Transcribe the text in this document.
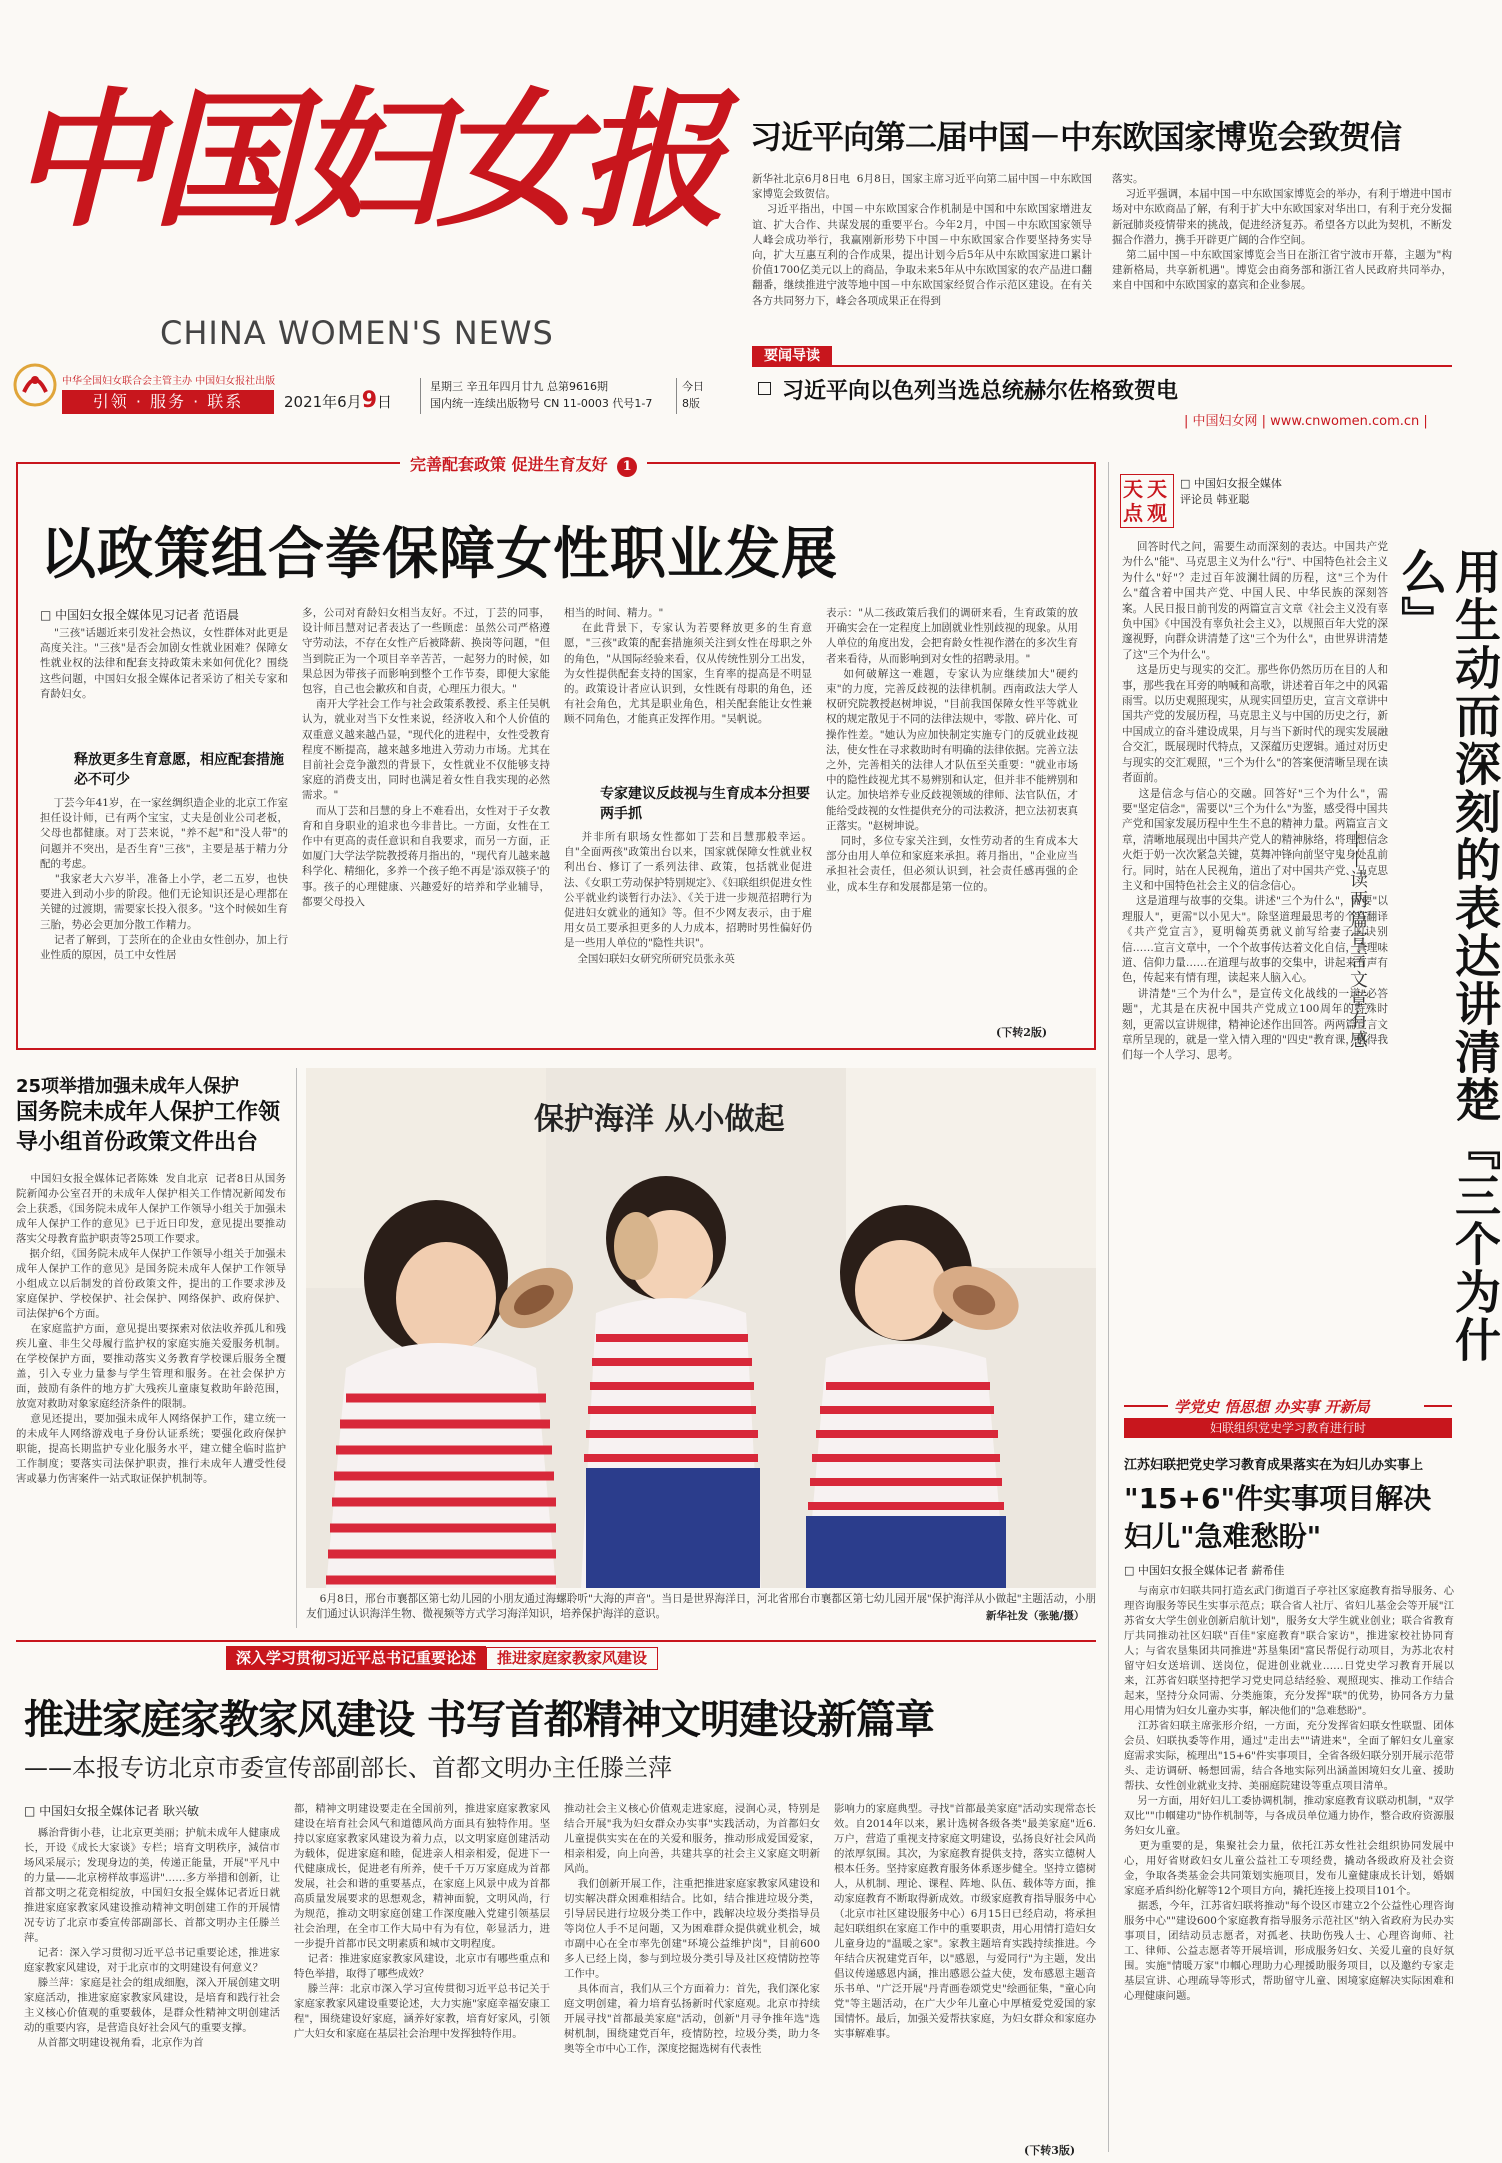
中国妇女报
CHINA WOMEN'S NEWS
中华全国妇女联合会主管主办 中国妇女报社出版
引领 · 服务 · 联系	2021年6月9日
星期三 辛丑年四月廿九 总第9616期
国内统一连续出版物号 CN 11-0003 代号1-7
今日
8版
习近平向第二届中国－中东欧国家博览会致贺信
新华社北京6月8日电  6月8日，国家主席习近平向第二届中国－中东欧国家博览会致贺信。
习近平指出，中国－中东欧国家合作机制是中国和中东欧国家增进友谊、扩大合作、共谋发展的重要平台。今年2月，中国－中东欧国家领导人峰会成功举行，我赢刚新形势下中国－中东欧国家合作要坚持务实导向，扩大互惠互利的合作成果，提出计划今后5年从中东欧国家进口累计价值1700亿美元以上的商品，争取未来5年从中东欧国家的农产品进口翻翻番，继续推进宁波等地中国－中东欧国家经贸合作示范区建设。在有关各方共同努力下，峰会各项成果正在得到
落实。
习近平强调，本届中国－中东欧国家博览会的举办，有利于增进中国市场对中东欧商品了解，有利于扩大中东欧国家对华出口，有利于充分发掘新冠肺炎疫情带来的挑战，促进经济复苏。希望各方以此为契机，不断发掘合作潜力，携手开辟更广阔的合作空间。
第二届中国－中东欧国家博览会当日在浙江省宁波市开幕，主题为"构建新格局，共享新机遇"。博览会由商务部和浙江省人民政府共同举办，来自中国和中东欧国家的嘉宾和企业参展。
要闻导读
习近平向以色列当选总统赫尔佐格致贺电
| 中国妇女网 | www.cnwomen.com.cn |
完善配套政策 促进生育友好 1
以政策组合拳保障女性职业发展
□ 中国妇女报全媒体见习记者 范语晨
"三孩"话题近来引发社会热议，女性群体对此更是高度关注。"三孩"是否会加剧女性就业困难？保障女性就业权的法律和配套支持政策未来如何优化？围绕这些问题，中国妇女报全媒体记者采访了相关专家和育龄妇女。
释放更多生育意愿，相应配套措施必不可少
丁芸今年41岁，在一家丝绸织造企业的北京工作室担任设计师，已有两个宝宝，丈夫是创业公司老板，父母也都健康。对丁芸来说，"养不起"和"没人带"的问题并不突出，是否生育"三孩"，主要是基于精力分配的考虑。
"我家老大六岁半，准备上小学，老二五岁，也快要进入到动小步的阶段。他们无论知识还是心理都在关键的过渡期，需要家长投入很多。"这个时候如生育三胎，势必会更加分散工作精力。
记者了解到，丁芸所在的企业由女性创办，加上行业性质的原因，员工中女性居
多，公司对育龄妇女相当友好。不过，丁芸的同事，设计师吕慧对记者表达了一些顾虑：虽然公司严格遵守劳动法，不存在女性产后被降薪、换岗等问题，"但当到院正为一个项目辛辛苦苦，一起努力的时候，如果总因为带孩子而影响到整个工作节奏，即便大家能包容，自己也会歉疚和自责，心理压力很大。"
南开大学社会工作与社会政策系教授、系主任吴帆认为，就业对当下女性来说，经济收入和个人价值的双重意义越来越凸显，"现代化的进程中，女性受教育程度不断提高，越来越多地进入劳动力市场。尤其在目前社会竞争激烈的背景下，女性就业不仅能够支持家庭的消费支出，同时也满足着女性自我实现的必然需求。"
而从丁芸和吕慧的身上不难看出，女性对于子女教育和自身职业的追求也今非昔比。一方面，女性在工作中有更高的责任意识和自我要求，而另一方面，正如厦门大学法学院教授蒋月指出的，"现代育儿越来越科学化、精细化，多养一个孩子绝不再是'添双筷子'的事。孩子的心理健康、兴趣爱好的培养和学业辅导，都要父母投入
相当的时间、精力。"
在此背景下，专家认为若要释放更多的生育意愿，"三孩"政策的配套措施须关注到女性在母职之外的角色，"从国际经验来看，仅从传统性别分工出发，为女性提供配套支持的国家，生育率的提高是不明显的。政策设计者应认识到，女性既有母职的角色，还有社会角色，尤其是职业角色，相关配套能让女性兼顾不同角色，才能真正发挥作用。"吴帆说。
专家建议反歧视与生育成本分担要两手抓
并非所有职场女性都如丁芸和吕慧那般幸运。自"全面两孩"政策出台以来，国家就保障女性就业权利出台、修订了一系列法律、政策，包括就业促进法、《女职工劳动保护特别规定》、《妇联组织促进女性公平就业约谈暂行办法》、《关于进一步规范招聘行为促进妇女就业的通知》等。但不少网友表示，由于雇用女员工要承担更多的人力成本，招聘时男性偏好仍是一些用人单位的"隐性共识"。
全国妇联妇女研究所研究员张永英
表示："从二孩政策后我们的调研来看，生育政策的放开确实会在一定程度上加剧就业性别歧视的现象。从用人单位的角度出发，会把育龄女性视作潜在的多次生育者来看待，从而影响到对女性的招聘录用。"
如何破解这一难题，专家认为应继续加大"硬约束"的力度，完善反歧视的法律机制。西南政法大学人权研究院教授赵树坤说，"目前我国保障女性平等就业权的规定散见于不同的法律法规中，零散、碎片化、可操作性差。"她认为应加快制定实施专门的反就业歧视法，使女性在寻求救助时有明确的法律依据。完善立法之外，完善相关的法律人才队伍至关重要："就业市场中的隐性歧视尤其不易辨别和认定，但并非不能辨别和认定。加快培养专业反歧视领域的律师、法官队伍，才能给受歧视的女性提供充分的司法救济，把立法初衷真正落实。"赵树坤说。
同时，多位专家关注到，女性劳动者的生育成本大部分由用人单位和家庭来承担。蒋月指出，"企业应当承担社会责任，但必须认识到，社会责任感再强的企业，成本生存和发展都是第一位的。
(下转2版)
天天点观
□ 中国妇女报全媒体
评论员 韩亚聪
回答时代之问，需要生动而深刻的表达。中国共产党为什么"能"、马克思主义为什么"行"、中国特色社会主义为什么"好"？走过百年波澜壮阔的历程，这"三个为什么"蕴含着中国共产党、中国人民、中华民族的深刻答案。人民日报日前刊发的两篇宣言文章《社会主义没有辜负中国》《中国没有辜负社会主义》，以规照百年大党的深邃视野，向群众讲清楚了这"三个为什么"，由世界讲清楚了这"三个为什么"。
这是历史与现实的交汇。那些你仍然历历在目的人和事，那些我在耳旁的呐喊和高歌，讲述着百年之中的风霜雨雪。以历史观照现实，从现实回望历史，宣言文章讲中国共产党的发展历程，马克思主义与中国的历史之行，新中国成立的奋斗建设成果，月与当下新时代的现实发展融合交汇，既展现时代特点，又深蕴历史逻辑。通过对历史与现实的交汇观照，"三个为什么"的答案便清晰呈现在读者面前。
这是信念与信心的交融。回答好"三个为什么"，需要"坚定信念"，需要以"三个为什么"为鉴，感受得中国共产党和国家发展历程中生生不息的精神力量。两篇宣言文章，清晰地展现出中国共产党人的精神脉络，将理想信念火炬于奶一次次紧急关键，莫舞冲锋向前坚守鬼身处乱前行。同时，站在人民视角，道出了对中国共产党、马克思主义和中国特色社会主义的信念信心。
这是道理与故事的交集。讲述"三个为什么"，需要"以理服人"，更需"以小见大"。除坚道理最思考的个月翻译《共产党宣言》，夏明翰英勇就义前写给妻子的诀别信……宣言文章中，一个个故事传达着文化自信，真理味道、信仰力量……在道理与故事的交集中，讲起来有声有色，传起来有情有理，读起来人脑入心。
讲清楚"三个为什么"，是宣传文化战线的一道"必答题"，尤其是在庆祝中国共产党成立100周年的特殊时刻，更需以宣讲规律，精神论述作出回答。两两篇宣言文章所呈现的，就是一堂入情入理的"四史"教育课，值得我们每一个人学习、思考。	用生动而深刻的表达讲清楚『三个为什么』
——读两篇宣言文章有感
25项举措加强未成年人保护
国务院未成年人保护工作领导小组首份政策文件出台
中国妇女报全媒体记者陈姝  发自北京  记者8日从国务院新闻办公室召开的未成年人保护相关工作情况新闻发布会上获悉，《国务院未成年人保护工作领导小组关于加强未成年人保护工作的意见》已于近日印发，意见提出要推动落实父母教育监护职责等25项工作要求。
据介绍，《国务院未成年人保护工作领导小组关于加强未成年人保护工作的意见》是国务院未成年人保护工作领导小组成立以后制发的首份政策文件，提出的工作要求涉及家庭保护、学校保护、社会保护、网络保护、政府保护、司法保护6个方面。
在家庭监护方面，意见提出要探索对依法收养孤儿和残疾儿童、非生父母履行监护权的家庭实施关爱服务机制。在学校保护方面，要推动落实义务教育学校课后服务全覆盖，引入专业力量参与学生管理和服务。在社会保护方面，鼓励有条件的地方扩大残疾儿童康复救助年龄范围，放宽对救助对象家庭经济条件的限制。
意见还提出，要加强未成年人网络保护工作，建立统一的未成年人网络游戏电子身份认证系统；要强化政府保护职能，提高长期监护专业化服务水平，建立健全临时监护工作制度；要落实司法保护职责，推行未成年人遭受性侵害或暴力伤害案件一站式取证保护机制等。
保护海洋 从小做起
6月8日，邢台市襄都区第七幼儿园的小朋友通过海螺聆听"大海的声音"。当日是世界海洋日，河北省邢台市襄都区第七幼儿园开展"保护海洋从小做起"主题活动，小朋友们通过认识海洋生物、微视频等方式学习海洋知识，培养保护海洋的意识。	新华社发（张驰/摄）
学党史 悟思想 办实事 开新局
妇联组织党史学习教育进行时
江苏妇联把党史学习教育成果落实在为妇儿办实事上
"15+6"件实事项目解决妇儿"急难愁盼"
□ 中国妇女报全媒体记者 薪希佳
与南京市妇联共同打造玄武门街道百子亭社区家庭教育指导服务、心理咨询服务等民生实事示范点；联合省人社厅、省妇儿基金会等开展"江苏省女大学生创业创新启航计划"，服务女大学生就业创业；联合省教育厅共同推动社区妇联"百佳"家庭教育"联合家访"，推进家校社协同育人；与省农垦集团共同推进"苏垦集团"富民帮促行动项目，为苏北农村留守妇女送培训、送岗位，促进创业就业……日党史学习教育开展以来，江苏省妇联坚持把学习党史同总结经验、观照现实、推动工作结合起来，坚持分众同需、分类施策，充分发挥"联"的优势，协同各方力量用心用情为妇女儿童办实事，解决他们的"急难愁盼"。
江苏省妇联主席张形介绍，一方面，充分发挥省妇联女性联盟、团体会员、妇联执委等作用，通过"走出去""请进来"，全面了解妇女儿童家庭需求实际，梳理出"15+6"件实事项目，全省各级妇联分别开展示范带头、走访调研、畅想回需，结合各地实际列出涵盖困境妇女儿童、援助帮扶、女性创业就业支持、美丽庭院建设等重点项目清单。
另一方面，用好妇儿工委协调机制，推动家庭教育议联动机制，"双学双比""巾帼建功"协作机制等，与各成员单位通力协作，整合政府资源服务妇女儿童。
更为重要的是，集聚社会力量，依托江苏女性社会组织协同发展中心，用好省财政妇女儿童公益社工专项经费，撬动各级政府及社会资金，争取各类基金会共同策划实施项目，发布儿童健康成长计划，婚姻家庭矛盾纠纷化解等12个项目方向，撬托连接上投项目101个。
据悉，今年，江苏省妇联将推动"每个设区市建立2个公益性心理咨询服务中心""建设600个家庭教育指导服务示范社区"纳入省政府为民办实事项目，团结动员志愿者，对孤老、扶助伤残人士、心理咨询师、社工、律师、公益志愿者等开展培训，形成服务妇女、关爱儿童的良好氛围。实施"情暖万家"巾帼心理助力心理援助服务项目，以及邀约专家走基层宣讲、心理疏导等形式，帮助留守儿童、困境家庭解决实际困难和心理健康问题。
深入学习贯彻习近平总书记重要论述 推进家庭家教家风建设
推进家庭家教家风建设 书写首都精神文明建设新篇章
——本报专访北京市委宣传部副部长、首都文明办主任滕兰萍
□ 中国妇女报全媒体记者 耿兴敏
縣治背街小巷，让北京更美丽；护航未成年人健康成长，开设《成长大家谈》专栏；培育文明秩序，減信市场风采展示；发现身边的美，传递正能量，开展"平凡中的力量——北京榜样故事巡讲"……多方举措和创新，让首都文明之花竞相绽放，中国妇女报全媒体记者近日就推进家庭家教家风建设推动精神文明创建工作的开展情况专访了北京市委宣传部副部长、首都文明办主任滕兰萍。
记者：深入学习贯彻习近平总书记重要论述，推进家庭家教家风建设，对于北京市的文明建设有何意义？
滕兰萍：家庭是社会的组成细胞，深入开展创建文明家庭活动，推进家庭家教家风建设，是培育和践行社会主义核心价值观的重要载体，是群众性精神文明创建活动的重要内容，是营造良好社会风气的重要支撑。
从首都文明建设视角看，北京作为首
都，精神文明建设要走在全国前列，推进家庭家教家风建设在培育社会风气和道德风尚方面具有独特作用。坚持以家庭家教家风建设为着力点，以文明家庭创建活动为载体，促进家庭和睦，促进亲人相亲相爱，促进下一代健康成长，促进老有所养，使千千万万家庭成为首都发展，社会和谐的重要基点，在家庭上风景中成为首都高质量发展要求的思想观念，精神面貌，文明风尚，行为规范，推动文明家庭创建工作深度融入党建引领基层社会治理，在全市工作大局中有为有位，彰显活力，进一步提升首都市民文明素质和城市文明程度。
记者：推进家庭家教家风建设，北京市有哪些重点和特色举措，取得了哪些成效？
滕兰萍：北京市深入学习宣传贯彻习近平总书记关于家庭家教家风建设重要论述，大力实施"家庭幸福安康工程"，围绕建设好家庭，涵养好家教，培育好家风，引领广大妇女和家庭在基层社会治理中发挥独特作用。
推动社会主义核心价值观走进家庭，浸润心灵，特别是结合开展"我为妇女群众办实事"实践活动，为首都妇女儿童提供实实在在的关爱和服务，推动形成爱国爱家，相亲相爱，向上向善，共建共享的社会主义家庭文明新风尚。
我们创新开展工作，注重把推进家庭家教家风建设和切实解决群众困难相结合。比如，结合推进垃圾分类，引导居民进行垃圾分类工作中，践解决垃圾分类指导员等岗位人手不足问题，又为困难群众提供就业机会，城市副中心在全市率先创建"环境公益维护岗"，目前600多人已经上岗，参与到垃圾分类引导及社区疫情防控等工作中。
具体而言，我们从三个方面着力：首先，我们深化家庭文明创建，着力培育弘扬新时代家庭观。北京市持续开展寻找"首都最美家庭"活动，创新"月寻争推年选"选树机制，围绕建党百年，疫情防控，垃圾分类，助力冬奥等全市中心工作，深度挖掘选树有代表性
影响力的家庭典型。寻找"首都最美家庭"活动实现常态长效。自2014年以来，累计选树各级各类"最美家庭"近6.万户，营造了重视支持家庭文明建设，弘扬良好社会风尚的浓厚氛围。其次，为家庭教育提供支持，落实立德树人根本任务。坚持家庭教育服务体系逐步健全。坚持立德树人，从机制、理论、课程、阵地、队伍、载体等方面，推动家庭教育不断取得新成效。市级家庭教育指导服务中心（北京市社区建设服务中心）6月15日已经启动，将承担起妇联组织在家庭工作中的重要职责，用心用情打造妇女儿童身边的"温暖之家"。家教主题培育实践持续推进。今年结合庆祝建党百年，以"感恩，与爱同行"为主题，发出倡议传递感恩内涵，推出感恩公益大使，发布感恩主题音乐书单、"广泛开展"丹青画卷颂党史"绘画征集，"童心向党"等主题活动，在广大少年儿童心中厚植爱党爱国的家国情怀。最后，加强关爱帮扶家庭，为妇女群众和家庭办实事解难事。
(下转3版)
